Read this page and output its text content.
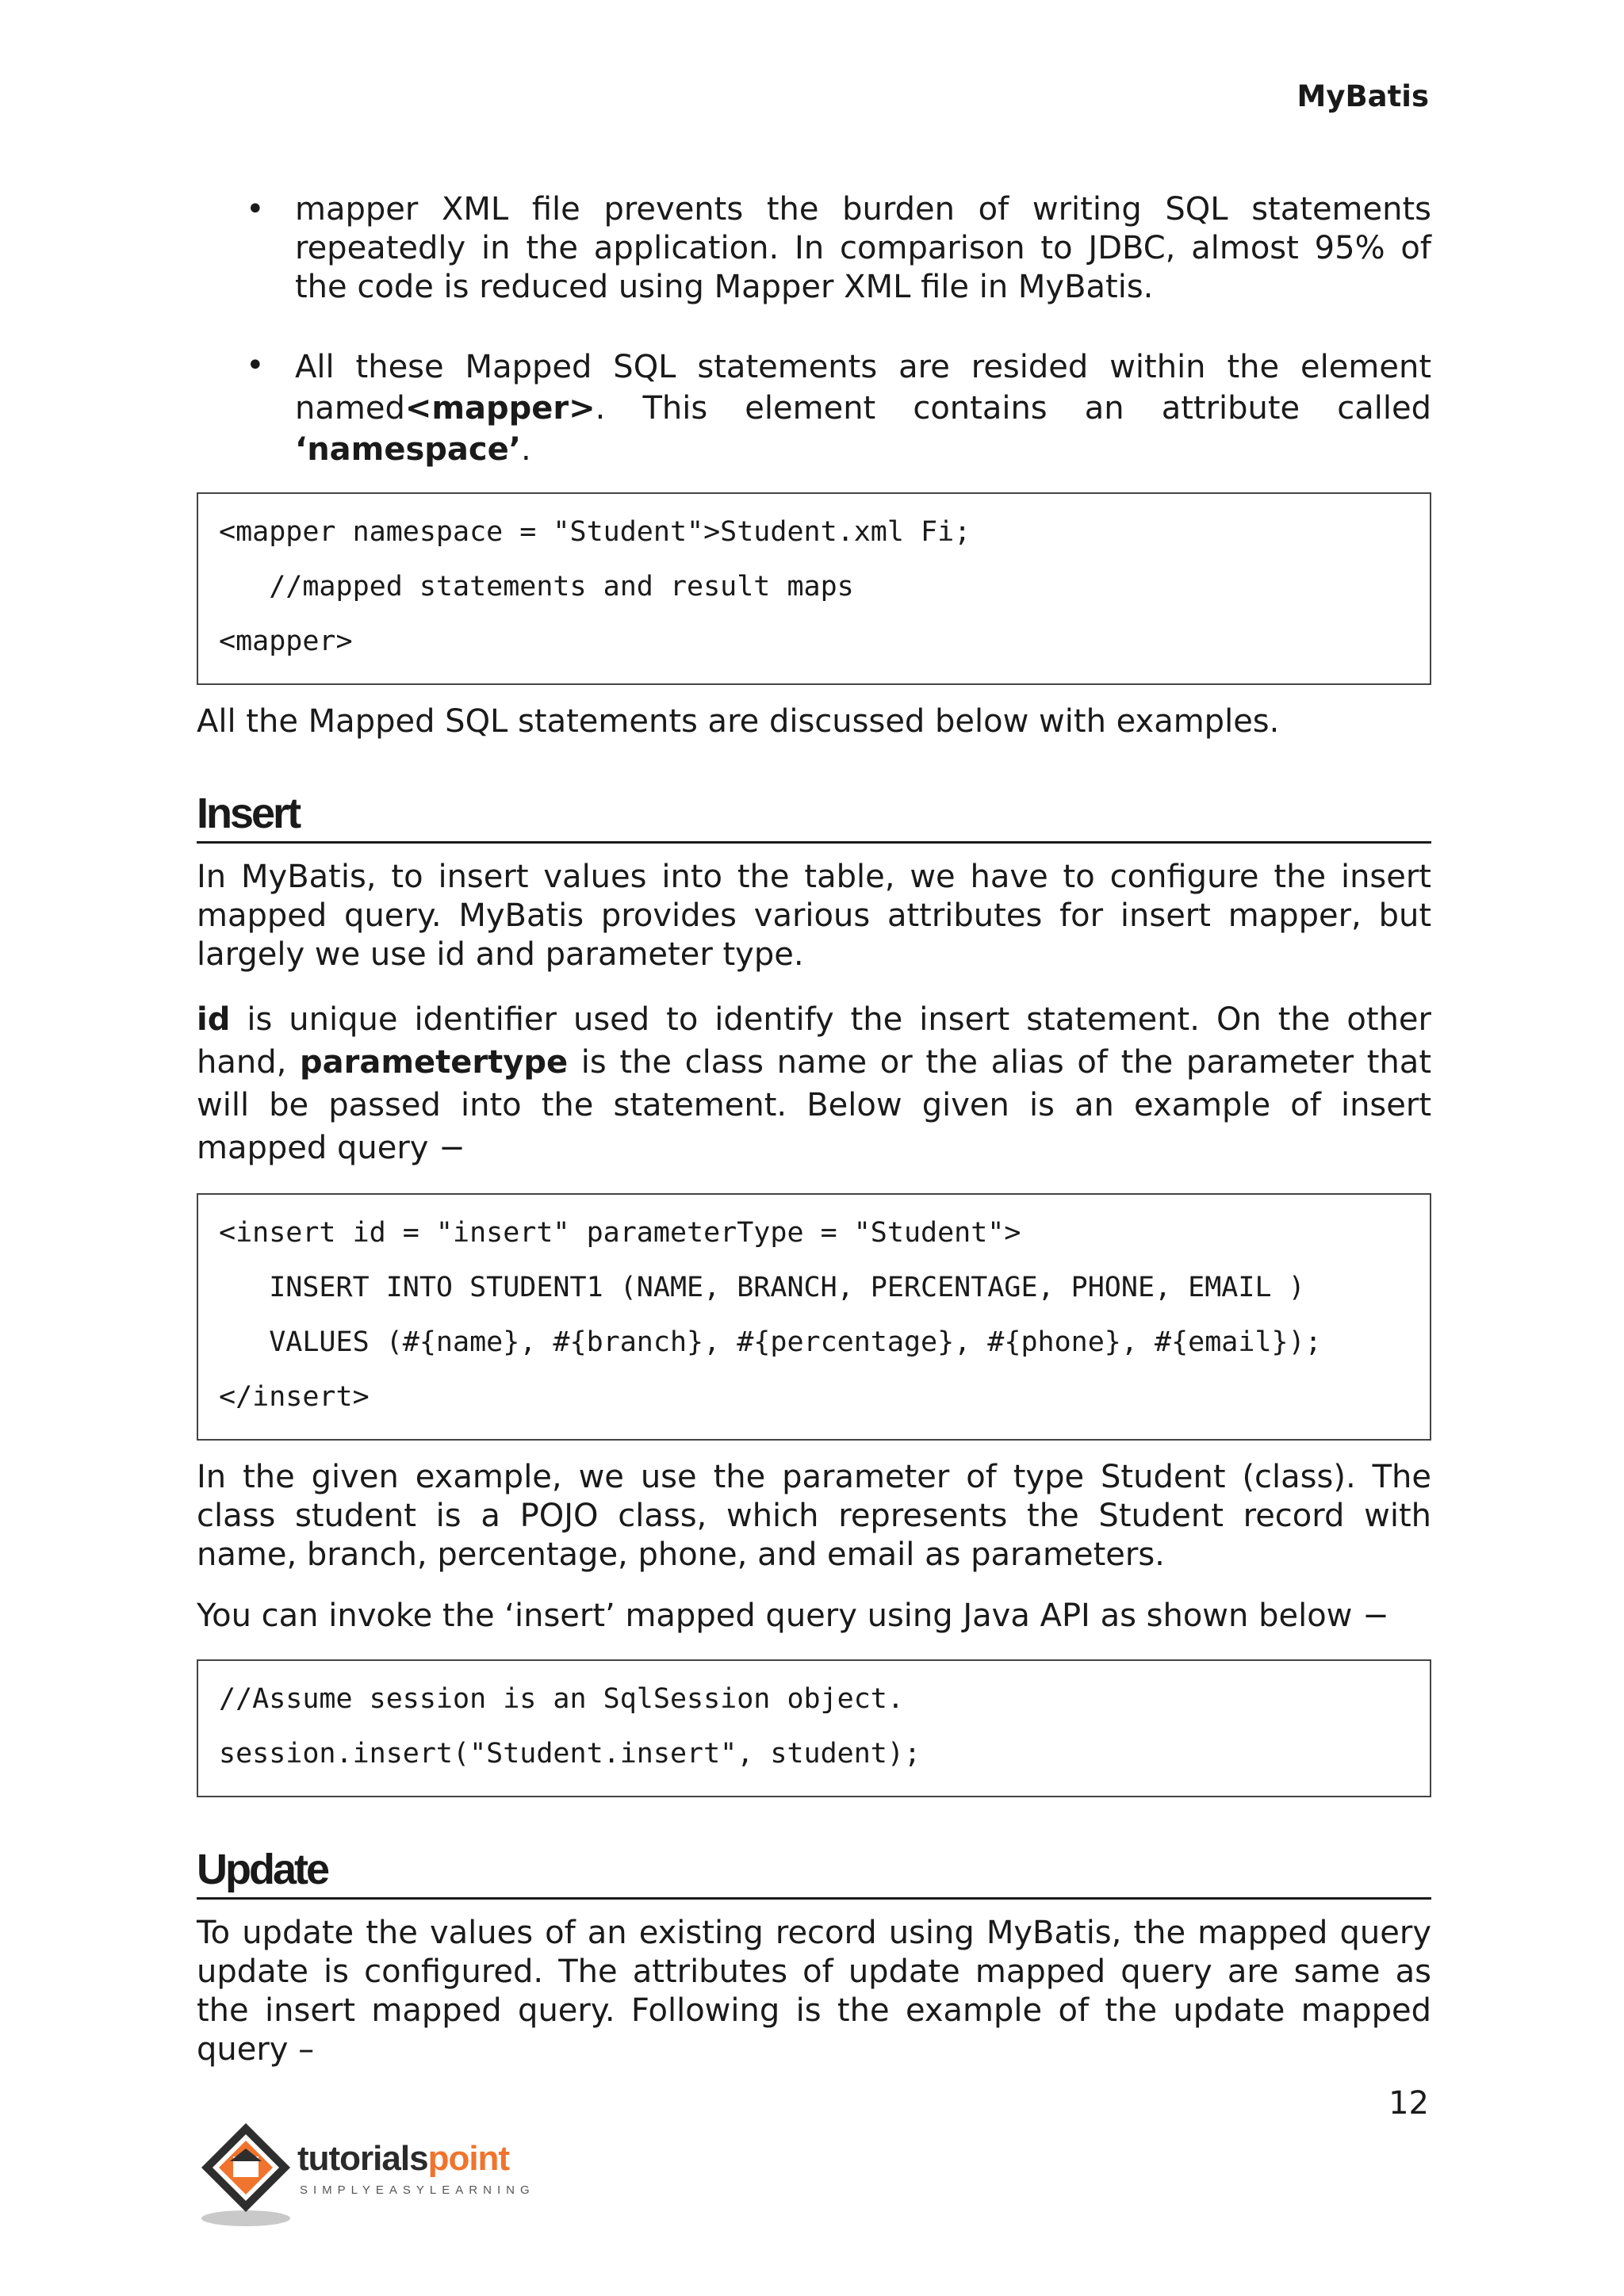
MyBatis
• mapper XML file prevents the burden of writing SQL statements repeatedly in the application. In comparison to JDBC, almost 95% of the code is reduced using Mapper XML file in MyBatis.

• All these Mapped SQL statements are resided within the element named<mapper>. This element contains an attribute called ‘namespace’.

<mapper namespace = "Student">Student.xml Fi;
//mapped statements and result maps
<mapper>

All the Mapped SQL statements are discussed below with examples.

Insert

In MyBatis, to insert values into the table, we have to configure the insert mapped query. MyBatis provides various attributes for insert mapper, but largely we use id and parameter type.

id is unique identifier used to identify the insert statement. On the other hand, parametertype is the class name or the alias of the parameter that will be passed into the statement. Below given is an example of insert mapped query −

<insert id = "insert" parameterType = "Student">
INSERT INTO STUDENT1 (NAME, BRANCH, PERCENTAGE, PHONE, EMAIL )
VALUES (#{name}, #{branch}, #{percentage}, #{phone}, #{email});
</insert>

In the given example, we use the parameter of type Student (class). The class student is a POJO class, which represents the Student record with name, branch, percentage, phone, and email as parameters.

You can invoke the ‘insert’ mapped query using Java API as shown below −

//Assume session is an SqlSession object.
session.insert("Student.insert", student);
Update

To update the values of an existing record using MyBatis, the mapped query update is configured. The attributes of update mapped query are same as the insert mapped query. Following is the example of the update mapped query –

12
tutorialspoint
SIMPLYEASYLEARNING
